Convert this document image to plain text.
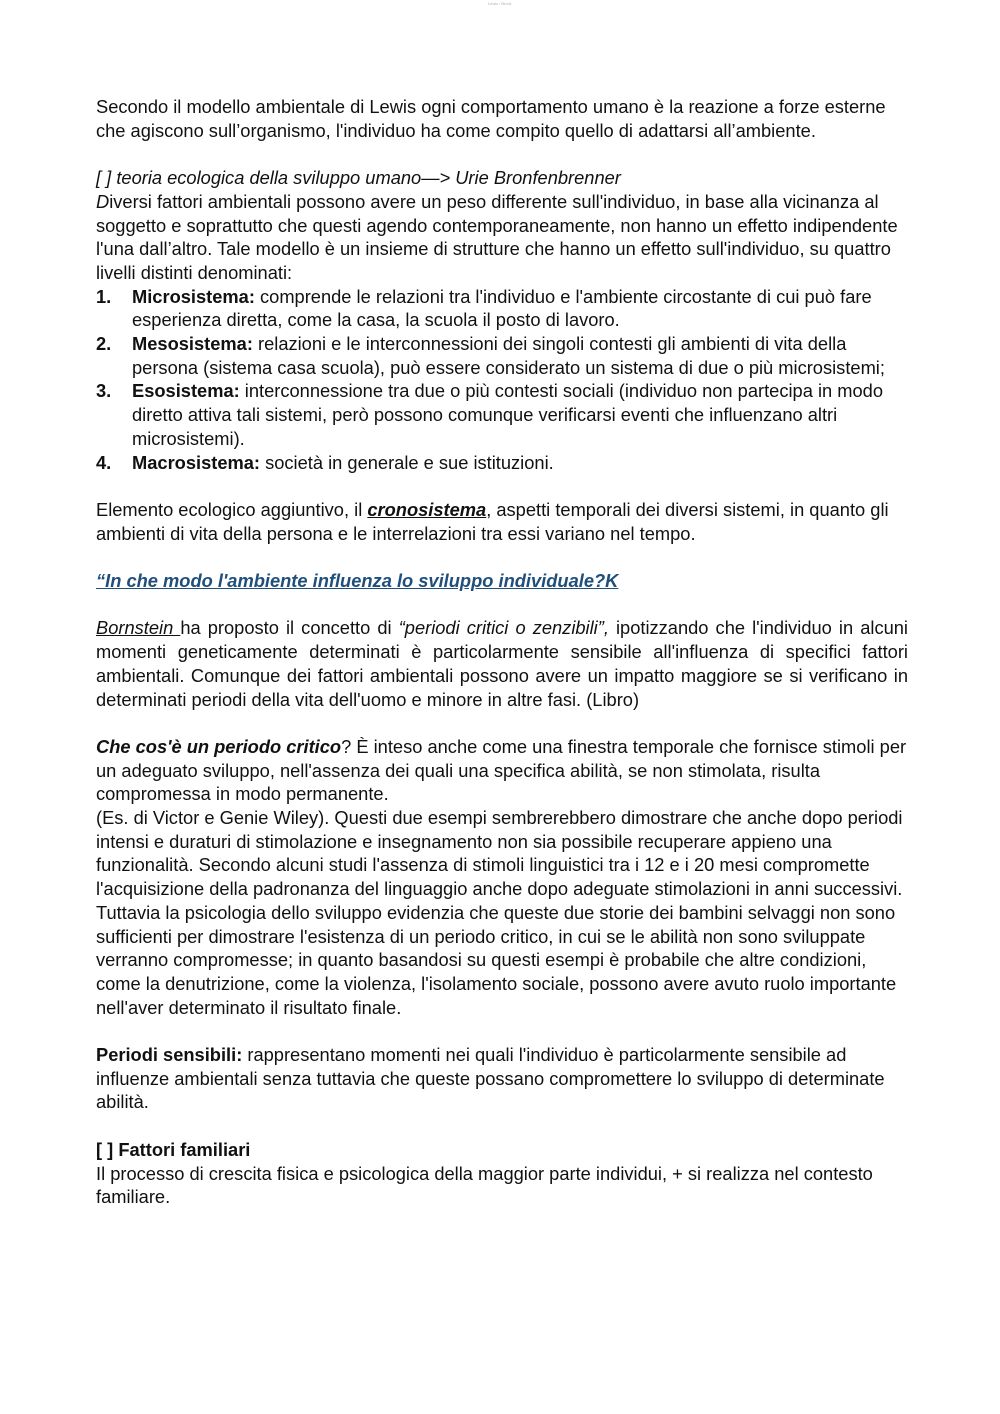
Lewis / Bronf.

Secondo il modello ambientale di Lewis ogni comportamento umano è la reazione a forze esterne che agiscono sull’organismo, l'individuo ha come compito quello di adattarsi all’ambiente.

[ ] teoria ecologica della sviluppo umano—> Urie Bronfenbrenner

Diversi fattori ambientali possono avere un peso differente sull'individuo, in base alla vicinanza al soggetto e soprattutto che questi agendo contemporaneamente, non hanno un effetto indipendente l'una dall’altro. Tale modello è un insieme di strutture che hanno un effetto sull'individuo, su quattro livelli distinti denominati:

1. Microsistema: comprende le relazioni tra l'individuo e l'ambiente circostante di cui può fare esperienza diretta, come la casa, la scuola il posto di lavoro.
2. Mesosistema: relazioni e le interconnessioni dei singoli contesti gli ambienti di vita della persona (sistema casa scuola), può essere considerato un sistema di due o più microsistemi;
3. Esosistema: interconnessione tra due o più contesti sociali (individuo non partecipa in modo diretto attiva tali sistemi, però possono comunque verificarsi eventi che influenzano altri microsistemi).
4. Macrosistema: società in generale e sue istituzioni.

Elemento ecologico aggiuntivo, il cronosistema, aspetti temporali dei diversi sistemi, in quanto gli ambienti di vita della persona e le interrelazioni tra essi variano nel tempo.

“In che modo l'ambiente influenza lo sviluppo individuale?K

Bornstein ha proposto il concetto di “periodi critici o zenzibili”, ipotizzando che l'individuo in alcuni momenti geneticamente determinati è particolarmente sensibile all'influenza di specifici fattori ambientali. Comunque dei fattori ambientali possono avere un impatto maggiore se si verificano in determinati periodi della vita dell'uomo e minore in altre fasi. (Libro)

Che cos'è un periodo critico? È inteso anche come una finestra temporale che fornisce stimoli per un adeguato sviluppo, nell'assenza dei quali una specifica abilità, se non stimolata, risulta compromessa in modo permanente.

(Es. di Victor e Genie Wiley). Questi due esempi sembrerebbero dimostrare che anche dopo periodi intensi e duraturi di stimolazione e insegnamento non sia possibile recuperare appieno una funzionalità. Secondo alcuni studi l'assenza di stimoli linguistici tra i 12 e i 20 mesi compromette l'acquisizione della padronanza del linguaggio anche dopo adeguate stimolazioni in anni successivi. Tuttavia la psicologia dello sviluppo evidenzia che queste due storie dei bambini selvaggi non sono sufficienti per dimostrare l'esistenza di un periodo critico, in cui se le abilità non sono sviluppate verranno compromesse; in quanto basandosi su questi esempi è probabile che altre condizioni, come la denutrizione, come la violenza, l'isolamento sociale, possono avere avuto ruolo importante nell'aver determinato il risultato finale.

Periodi sensibili: rappresentano momenti nei quali l'individuo è particolarmente sensibile ad influenze ambientali senza tuttavia che queste possano compromettere lo sviluppo di determinate abilità.

[ ] Fattori familiari

Il processo di crescita fisica e psicologica della maggior parte individui, + si realizza nel contesto familiare.
